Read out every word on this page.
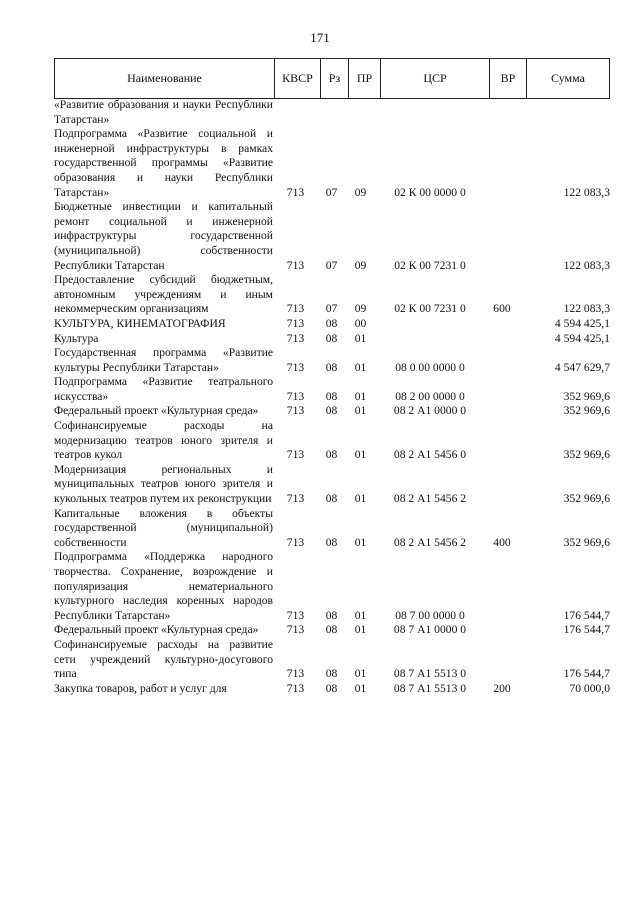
171
Наименование	КВСР	Рз	ПР	ЦСР	ВР	Сумма
«Развитие образования и науки Республики Татарстан»						
Подпрограмма «Развитие социальной и инженерной инфраструктуры в рамках государственной программы «Развитие образования и науки Республики Татарстан»	713	07	09	02 К 00 0000 0		122 083,3
Бюджетные инвестиции и капитальный ремонт социальной и инженерной инфраструктуры государственной (муниципальной) собственности Республики Татарстан	713	07	09	02 К 00 7231 0		122 083,3
Предоставление субсидий бюджетным, автономным учреждениям и иным некоммерческим организациям	713	07	09	02 К 00 7231 0	600	122 083,3
КУЛЬТУРА, КИНЕМАТОГРАФИЯ	713	08	00			4 594 425,1
Культура	713	08	01			4 594 425,1
Государственная программа «Развитие культуры Республики Татарстан»	713	08	01	08 0 00 0000 0		4 547 629,7
Подпрограмма «Развитие театрального искусства»	713	08	01	08 2 00 0000 0		352 969,6
Федеральный проект «Культурная среда»	713	08	01	08 2 А1 0000 0		352 969,6
Софинансируемые расходы на модернизацию театров юного зрителя и театров кукол	713	08	01	08 2 А1 5456 0		352 969,6
Модернизация региональных и муниципальных театров юного зрителя и кукольных театров путем их реконструкции	713	08	01	08 2 А1 5456 2		352 969,6
Капитальные вложения в объекты государственной (муниципальной) собственности	713	08	01	08 2 А1 5456 2	400	352 969,6
Подпрограмма «Поддержка народного творчества. Сохранение, возрождение и популяризация нематериального культурного наследия коренных народов Республики Татарстан»	713	08	01	08 7 00 0000 0		176 544,7
Федеральный проект «Культурная среда»	713	08	01	08 7 А1 0000 0		176 544,7
Софинансируемые расходы на развитие сети учреждений культурно-досугового типа	713	08	01	08 7 А1 5513 0		176 544,7
Закупка товаров, работ и услуг для	713	08	01	08 7 А1 5513 0	200	70 000,0
